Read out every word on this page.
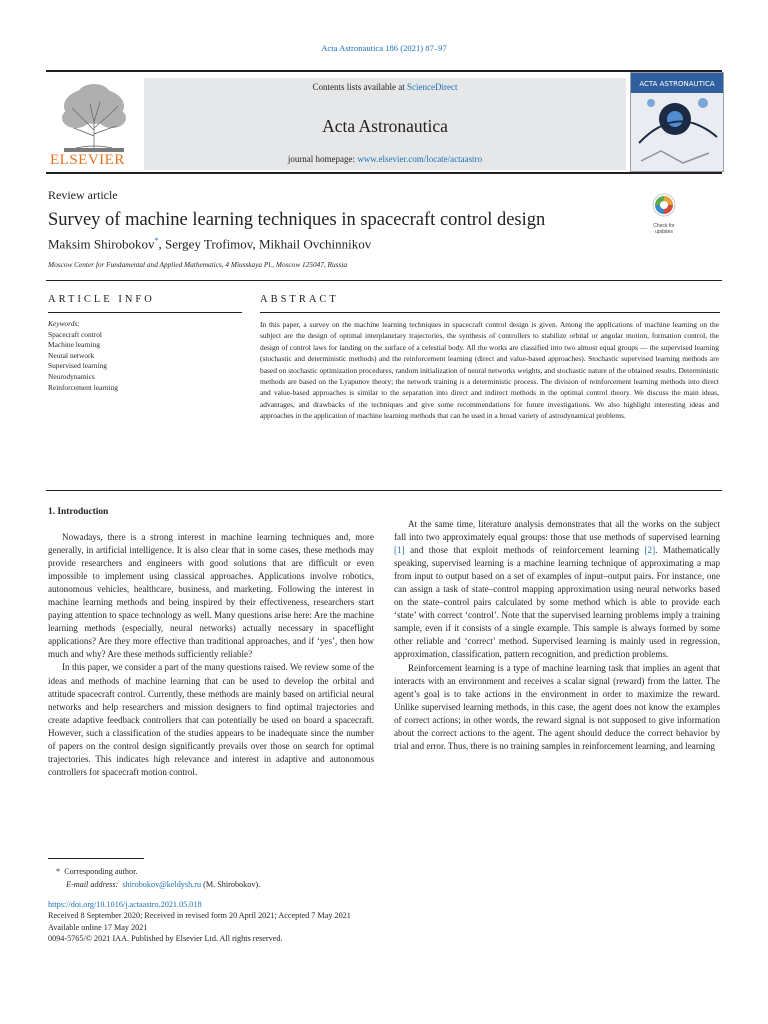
Acta Astronautica 186 (2021) 87–97
ELSEVIER
Contents lists available at ScienceDirect
Acta Astronautica
journal homepage: www.elsevier.com/locate/actaastro
ACTA ASTRONAUTICA
Review article
Survey of machine learning techniques in spacecraft control design
Maksim Shirobokov*, Sergey Trofimov, Mikhail Ovchinnikov
Moscow Center for Fundamental and Applied Mathematics, 4 Miusskaya Pl., Moscow 125047, Russia
Check for updates
ARTICLE INFO	ABSTRACT
Keywords:
Spacecraft control
Machine learning
Neural network
Supervised learning
Neurodynamics
Reinforcement learning
In this paper, a survey on the machine learning techniques in spacecraft control design is given. Among the applications of machine learning on the subject are the design of optimal interplanetary trajectories, the synthesis of controllers to stabilize orbital or angular motion, formation control, the design of control laws for landing on the surface of a celestial body. All the works are classified into two almost equal groups — the supervised learning (stochastic and deterministic methods) and the reinforcement learning (direct and value-based approaches). Stochastic supervised learning methods are based on stochastic optimization procedures, random initialization of neural networks weights, and stochastic nature of the obtained results. Deterministic methods are based on the Lyapunov theory; the network training is a deterministic process. The division of reinforcement learning methods into direct and value-based approaches is similar to the separation into direct and indirect methods in the optimal control theory. We discuss the main ideas, advantages, and drawbacks of the techniques and give some recommendations for future investigations. We also highlight interesting ideas and approaches in the application of machine learning methods that can be used in a broad variety of astrodynamical problems.
1. Introduction

Nowadays, there is a strong interest in machine learning techniques and, more generally, in artificial intelligence. It is also clear that in some cases, these methods may provide researchers and engineers with good solutions that are difficult or even impossible to implement using classical approaches. Applications involve robotics, autonomous vehicles, healthcare, business, and marketing. Following the interest in machine learning methods and being inspired by their effectiveness, researchers start paying attention to space technology as well. Many questions arise here: Are the machine learning methods (especially, neural networks) actually necessary in spaceflight applications? Are they more effective than traditional approaches, and if ‘yes’, then how much and why? Are these methods sufficiently reliable?

In this paper, we consider a part of the many questions raised. We review some of the ideas and methods of machine learning that can be used to develop the orbital and attitude spacecraft control. Currently, these methods are mainly based on artificial neural networks and help researchers and mission designers to find optimal trajectories and create adaptive feedback controllers that can potentially be used on board a spacecraft. However, such a classification of the studies appears to be inadequate since the number of papers on the control design significantly prevails over those on search for optimal trajectories. This indicates high relevance and interest in adaptive and autonomous controllers for spacecraft motion control.

At the same time, literature analysis demonstrates that all the works on the subject fall into two approximately equal groups: those that use methods of supervised learning [1] and those that exploit methods of reinforcement learning [2]. Mathematically speaking, supervised learning is a machine learning technique of approximating a map from input to output based on a set of examples of input–output pairs. For instance, one can assign a task of state–control mapping approximation using neural networks based on the state–control pairs calculated by some method which is able to provide each ‘state’ with correct ‘control’. Note that the supervised learning problems imply a training sample, even if it consists of a single example. This sample is always formed by some other reliable and ‘correct’ method. Supervised learning is mainly used in regression, approximation, classification, pattern recognition, and prediction problems.

Reinforcement learning is a type of machine learning task that implies an agent that interacts with an environment and receives a scalar signal (reward) from the latter. The agent’s goal is to take actions in the environment in order to maximize the reward. Unlike supervised learning methods, in this case, the agent does not know the examples of correct actions; in other words, the reward signal is not supposed to give information about the correct actions to the agent. The agent should deduce the correct behavior by trial and error. Thus, there is no training samples in reinforcement learning, and learning

* Corresponding author.
E-mail address: shirobokov@keldysh.ru (M. Shirobokov).
https://doi.org/10.1016/j.actaastro.2021.05.018
Received 8 September 2020; Received in revised form 20 April 2021; Accepted 7 May 2021
Available online 17 May 2021
0094-5765/© 2021 IAA. Published by Elsevier Ltd. All rights reserved.
